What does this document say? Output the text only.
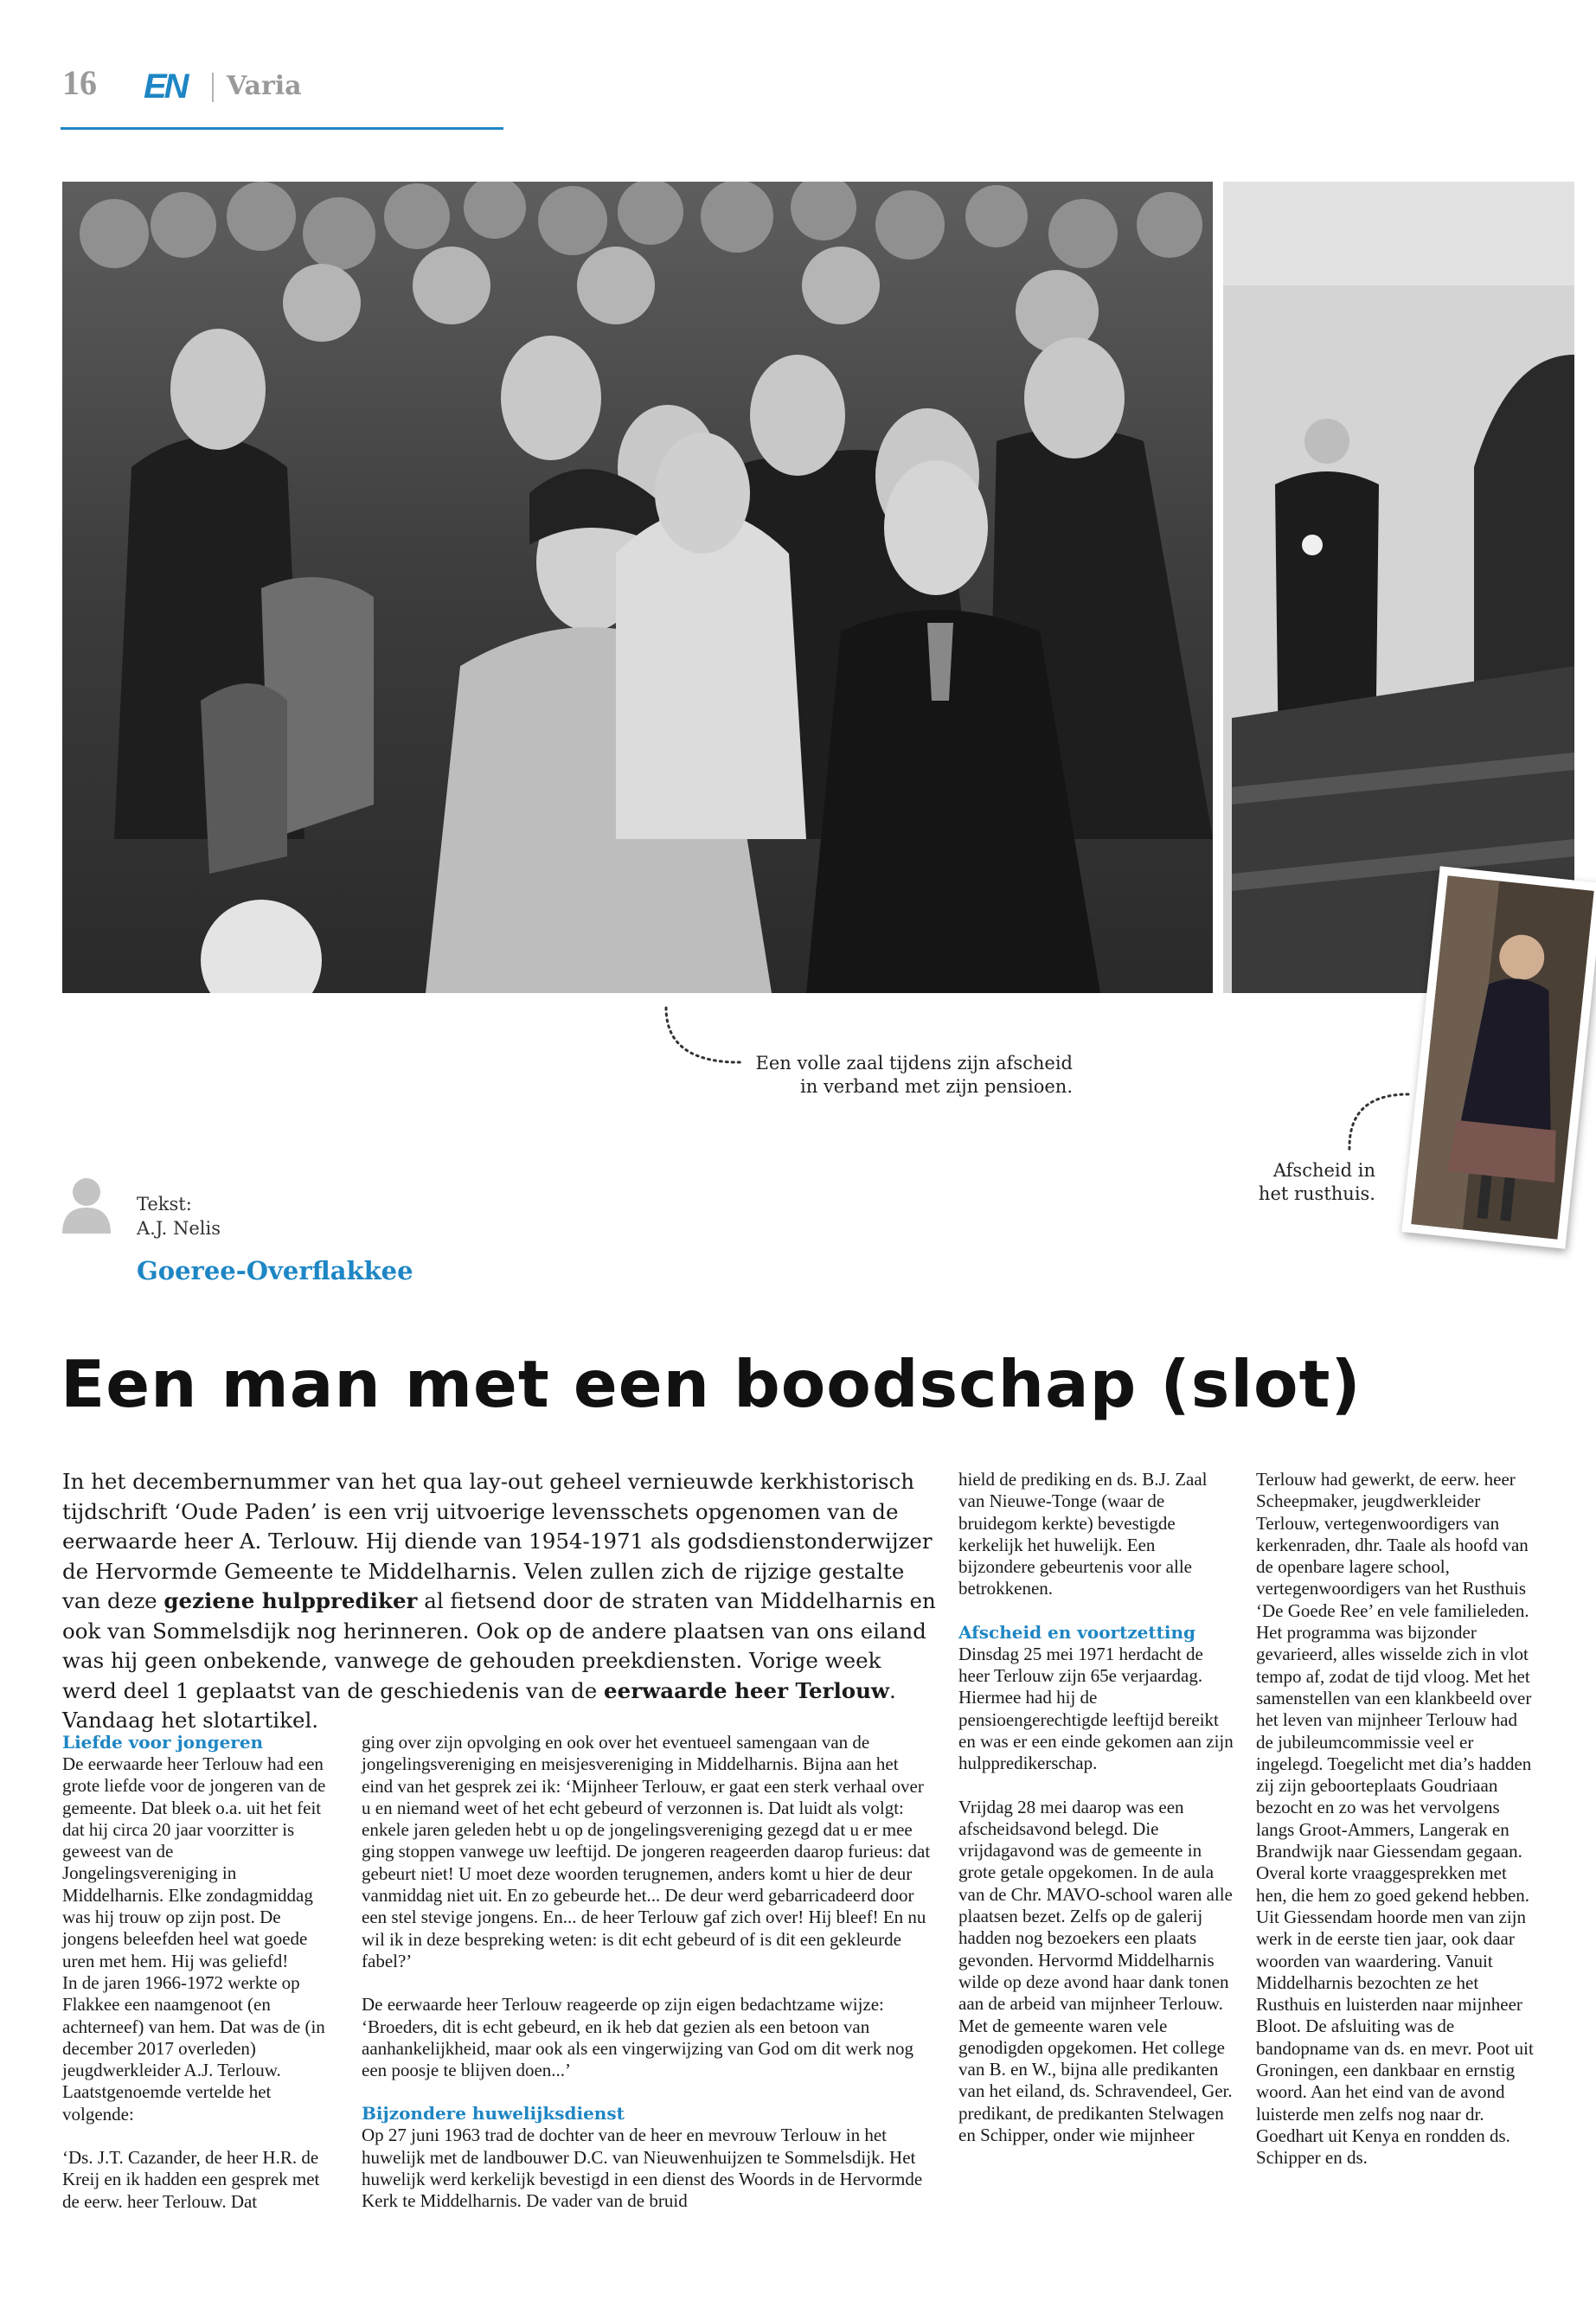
16 EN Varia
Een volle zaal tijdens zijn afscheid
in verband met zijn pensioen.
Afscheid in
het rusthuis.
Tekst:
A.J. Nelis
Goeree-Overflakkee
Een man met een boodschap (slot)
In het decembernummer van het qua lay-out geheel vernieuwde kerkhistorisch tijdschrift ‘Oude Paden’ is een vrij uitvoerige levensschets opgenomen van de eerwaarde heer A. Terlouw. Hij diende van 1954-1971 als godsdienstonderwijzer de Hervormde Gemeente te Middelharnis. Velen zullen zich de rijzige gestalte van deze geziene hulpprediker al fietsend door de straten van Middelharnis en ook van Sommelsdijk nog herinneren. Ook op de andere plaatsen van ons eiland was hij geen onbekende, vanwege de gehouden preekdiensten. Vorige week werd deel 1 geplaatst van de geschiedenis van de eerwaarde heer Terlouw. Vandaag het slotartikel.
Liefde voor jongeren

De eerwaarde heer Terlouw had een grote liefde voor de jongeren van de gemeente. Dat bleek o.a. uit het feit dat hij circa 20 jaar voorzitter is geweest van de Jongelingsvereniging in Middelharnis. Elke zondagmiddag was hij trouw op zijn post. De jongens beleefden heel wat goede uren met hem. Hij was geliefd!

In de jaren 1966-1972 werkte op Flakkee een naamgenoot (en achterneef) van hem. Dat was de (in december 2017 overleden) jeugdwerkleider A.J. Terlouw. Laatstgenoemde vertelde het volgende:

‘Ds. J.T. Cazander, de heer H.R. de Kreij en ik hadden een gesprek met de eerw. heer Terlouw. Dat

ging over zijn opvolging en ook over het eventueel samengaan van de jongelingsvereniging en meisjesvereniging in Middelharnis. Bijna aan het eind van het gesprek zei ik: ‘Mijnheer Terlouw, er gaat een sterk verhaal over u en niemand weet of het echt gebeurd of verzonnen is. Dat luidt als volgt: enkele jaren geleden hebt u op de jongelingsvereniging gezegd dat u er mee ging stoppen vanwege uw leeftijd. De jongeren reageerden daarop furieus: dat gebeurt niet! U moet deze woorden terugnemen, anders komt u hier de deur vanmiddag niet uit. En zo gebeurde het... De deur werd gebarricadeerd door een stel stevige jongens. En... de heer Terlouw gaf zich over! Hij bleef! En nu wil ik in deze bespreking weten: is dit echt gebeurd of is dit een gekleurde fabel?’

De eerwaarde heer Terlouw reageerde op zijn eigen bedachtzame wijze: ‘Broeders, dit is echt gebeurd, en ik heb dat gezien als een betoon van aanhankelijkheid, maar ook als een vingerwijzing van God om dit werk nog een poosje te blijven doen...’

Bijzondere huwelijksdienst

Op 27 juni 1963 trad de dochter van de heer en mevrouw Terlouw in het huwelijk met de landbouwer D.C. van Nieuwenhuijzen te Sommelsdijk. Het huwelijk werd kerkelijk bevestigd in een dienst des Woords in de Hervormde Kerk te Middelharnis. De vader van de bruid

hield de prediking en ds. B.J. Zaal van Nieuwe-Tonge (waar de bruidegom kerkte) bevestigde kerkelijk het huwelijk. Een bijzondere gebeurtenis voor alle betrokkenen.

Afscheid en voortzetting

Dinsdag 25 mei 1971 herdacht de heer Terlouw zijn 65e verjaardag. Hiermee had hij de pensioengerechtigde leeftijd bereikt en was er een einde gekomen aan zijn hulppredikerschap.

Vrijdag 28 mei daarop was een afscheidsavond belegd. Die vrijdagavond was de gemeente in grote getale opgekomen. In de aula van de Chr. MAVO-school waren alle plaatsen bezet. Zelfs op de galerij hadden nog bezoekers een plaats gevonden. Hervormd Middelharnis wilde op deze avond haar dank tonen aan de arbeid van mijnheer Terlouw. Met de gemeente waren vele genodigden opgekomen. Het college van B. en W., bijna alle predikanten van het eiland, ds. Schravendeel, Ger. predikant, de predikanten Stelwagen en Schipper, onder wie mijnheer

Terlouw had gewerkt, de eerw. heer Scheepmaker, jeugdwerkleider Terlouw, vertegenwoordigers van kerkenraden, dhr. Taale als hoofd van de openbare lagere school, vertegenwoordigers van het Rusthuis ‘De Goede Ree’ en vele familieleden. Het programma was bijzonder gevarieerd, alles wisselde zich in vlot tempo af, zodat de tijd vloog. Met het samenstellen van een klankbeeld over het leven van mijnheer Terlouw had de jubileumcommissie veel er ingelegd. Toegelicht met dia’s hadden zij zijn geboorteplaats Goudriaan bezocht en zo was het vervolgens langs Groot-Ammers, Langerak en Brandwijk naar Giessendam gegaan. Overal korte vraaggesprekken met hen, die hem zo goed gekend hebben. Uit Giessendam hoorde men van zijn werk in de eerste tien jaar, ook daar woorden van waardering. Vanuit Middelharnis bezochten ze het Rusthuis en luisterden naar mijnheer Bloot. De afsluiting was de bandopname van ds. en mevr. Poot uit Groningen, een dankbaar en ernstig woord. Aan het eind van de avond luisterde men zelfs nog naar dr. Goedhart uit Kenya en rondden ds. Schipper en ds.
